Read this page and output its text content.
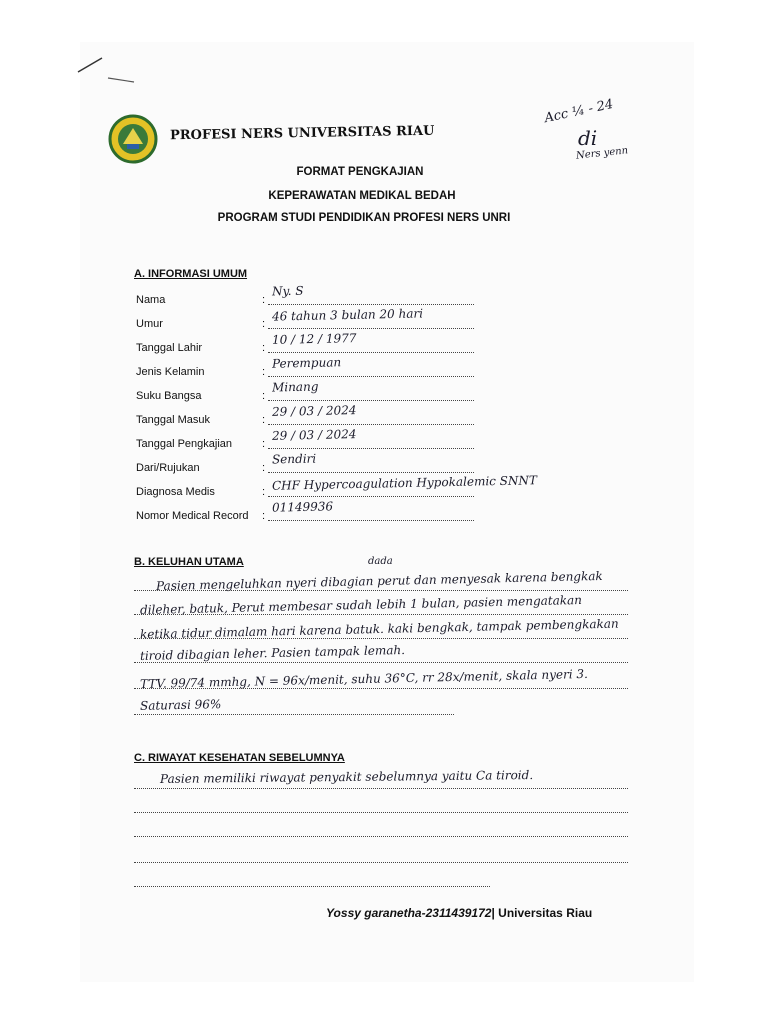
PROFESI NERS UNIVERSITAS RIAU
Acc ¼ - 24
di
Ners yenn
FORMAT PENGKAJIAN
KEPERAWATAN MEDIKAL BEDAH
PROGRAM STUDI PENDIDIKAN PROFESI NERS UNRI
A. INFORMASI UMUM
Nama	:
Ny. S
Umur	:
46 tahun 3 bulan 20 hari
Tanggal Lahir	:
10 / 12 / 1977
Jenis Kelamin	:
Perempuan
Suku Bangsa	:
Minang
Tanggal Masuk	:
29 / 03 / 2024
Tanggal Pengkajian	:
29 / 03 / 2024
Dari/Rujukan	:
Sendiri
Diagnosa Medis	: CHF Hypercoagulation Hypokalemic SNNT
Nomor Medical Record :
01149936
B. KELUHAN UTAMA	dada
Pasien mengeluhkan nyeri dibagian perut dan menyesak karena bengkak
dileher, batuk, Perut membesar sudah lebih 1 bulan, pasien mengatakan
ketika tidur dimalam hari karena batuk. kaki bengkak, tampak pembengkakan
tiroid dibagian leher. Pasien tampak lemah.
TTV. 99/74 mmhg, N = 96x/menit, suhu 36°C, rr 28x/menit, skala nyeri 3.
Saturasi 96%
C. RIWAYAT KESEHATAN SEBELUMNYA
Pasien memiliki riwayat penyakit sebelumnya yaitu Ca tiroid.
Yossy garanetha-2311439172| Universitas Riau
